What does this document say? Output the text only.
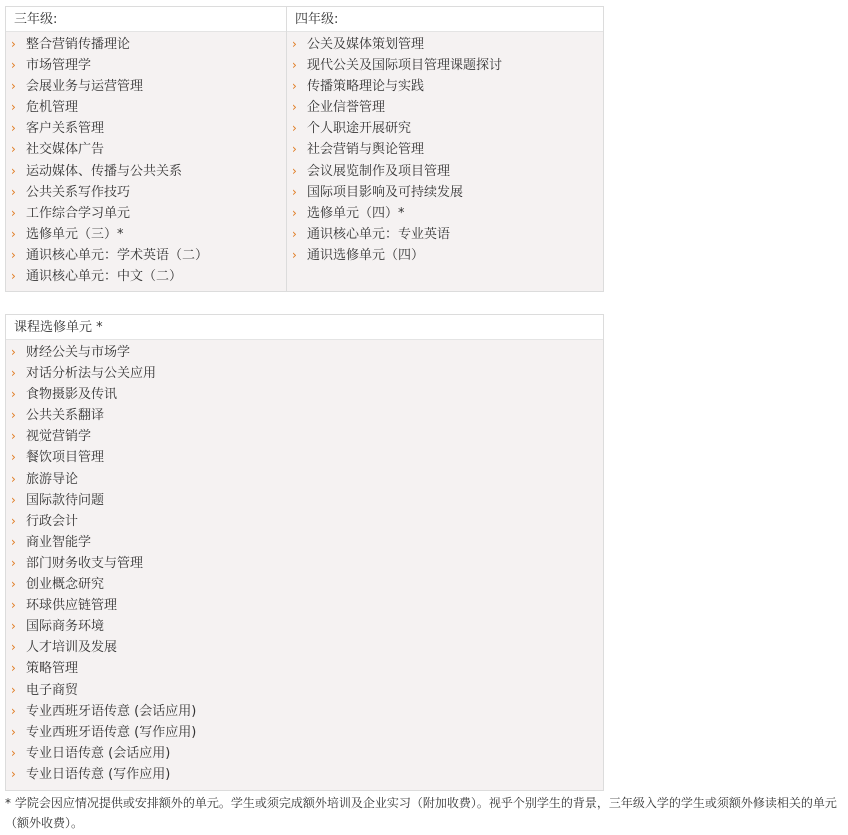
三年级:
› 整合营销传播理论
› 市场管理学
› 会展业务与运营管理
› 危机管理
› 客户关系管理
› 社交媒体广告
› 运动媒体、传播与公共关系
› 公共关系写作技巧
› 工作综合学习单元
› 选修单元（三）*
› 通识核心单元：学术英语（二）
› 通识核心单元：中文（二）
四年级:
› 公关及媒体策划管理
› 现代公关及国际项目管理课题探讨
› 传播策略理论与实践
› 企业信誉管理
› 个人职途开展研究
› 社会营销与舆论管理
› 会议展览制作及项目管理
› 国际项目影响及可持续发展
› 选修单元（四）*
› 通识核心单元：专业英语
› 通识选修单元（四）
课程选修单元 *
› 财经公关与市场学
› 对话分析法与公关应用
› 食物摄影及传讯
› 公共关系翻译
› 视觉营销学
› 餐饮项目管理
› 旅游导论
› 国际款待问题
› 行政会计
› 商业智能学
› 部门财务收支与管理
› 创业概念研究
› 环球供应链管理
› 国际商务环境
› 人才培训及发展
› 策略管理
› 电子商贸
› 专业西班牙语传意 (会话应用)
› 专业西班牙语传意 (写作应用)
› 专业日语传意 (会话应用)
› 专业日语传意 (写作应用)
* 学院会因应情况提供或安排额外的单元。学生或须完成额外培训及企业实习（附加收费）。视乎个别学生的背景，三年级入学的学生或须额外修读相关的单元（额外收费）。
